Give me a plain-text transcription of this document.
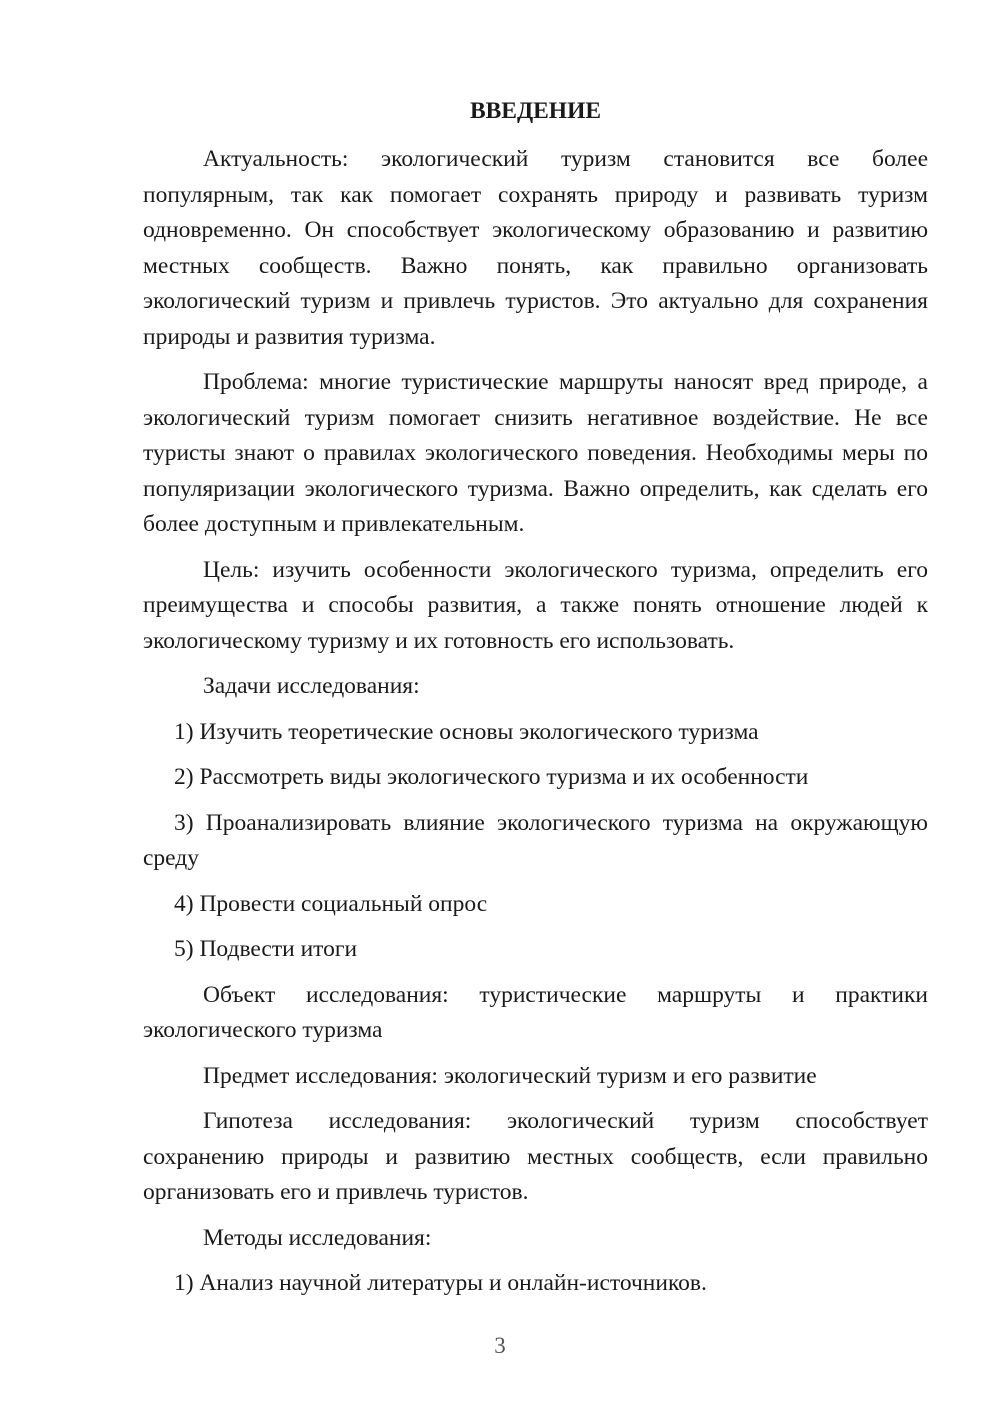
ВВЕДЕНИЕ

Актуальность: экологический туризм становится все более популярным, так как помогает сохранять природу и развивать туризм одновременно. Он способствует экологическому образованию и развитию местных сообществ. Важно понять, как правильно организовать экологический туризм и привлечь туристов. Это актуально для сохранения природы и развития туризма.

Проблема: многие туристические маршруты наносят вред природе, а экологический туризм помогает снизить негативное воздействие. Не все туристы знают о правилах экологического поведения. Необходимы меры по популяризации экологического туризма. Важно определить, как сделать его более доступным и привлекательным.

Цель: изучить особенности экологического туризма, определить его преимущества и способы развития, а также понять отношение людей к экологическому туризму и их готовность его использовать.

Задачи исследования:

1) Изучить теоретические основы экологического туризма

2) Рассмотреть виды экологического туризма и их особенности

3) Проанализировать влияние экологического туризма на окружающую среду

4) Провести социальный опрос

5) Подвести итоги

Объект исследования: туристические маршруты и практики экологического туризма

Предмет исследования: экологический туризм и его развитие

Гипотеза исследования: экологический туризм способствует сохранению природы и развитию местных сообществ, если правильно организовать его и привлечь туристов.

Методы исследования:

1) Анализ научной литературы и онлайн-источников.

3
